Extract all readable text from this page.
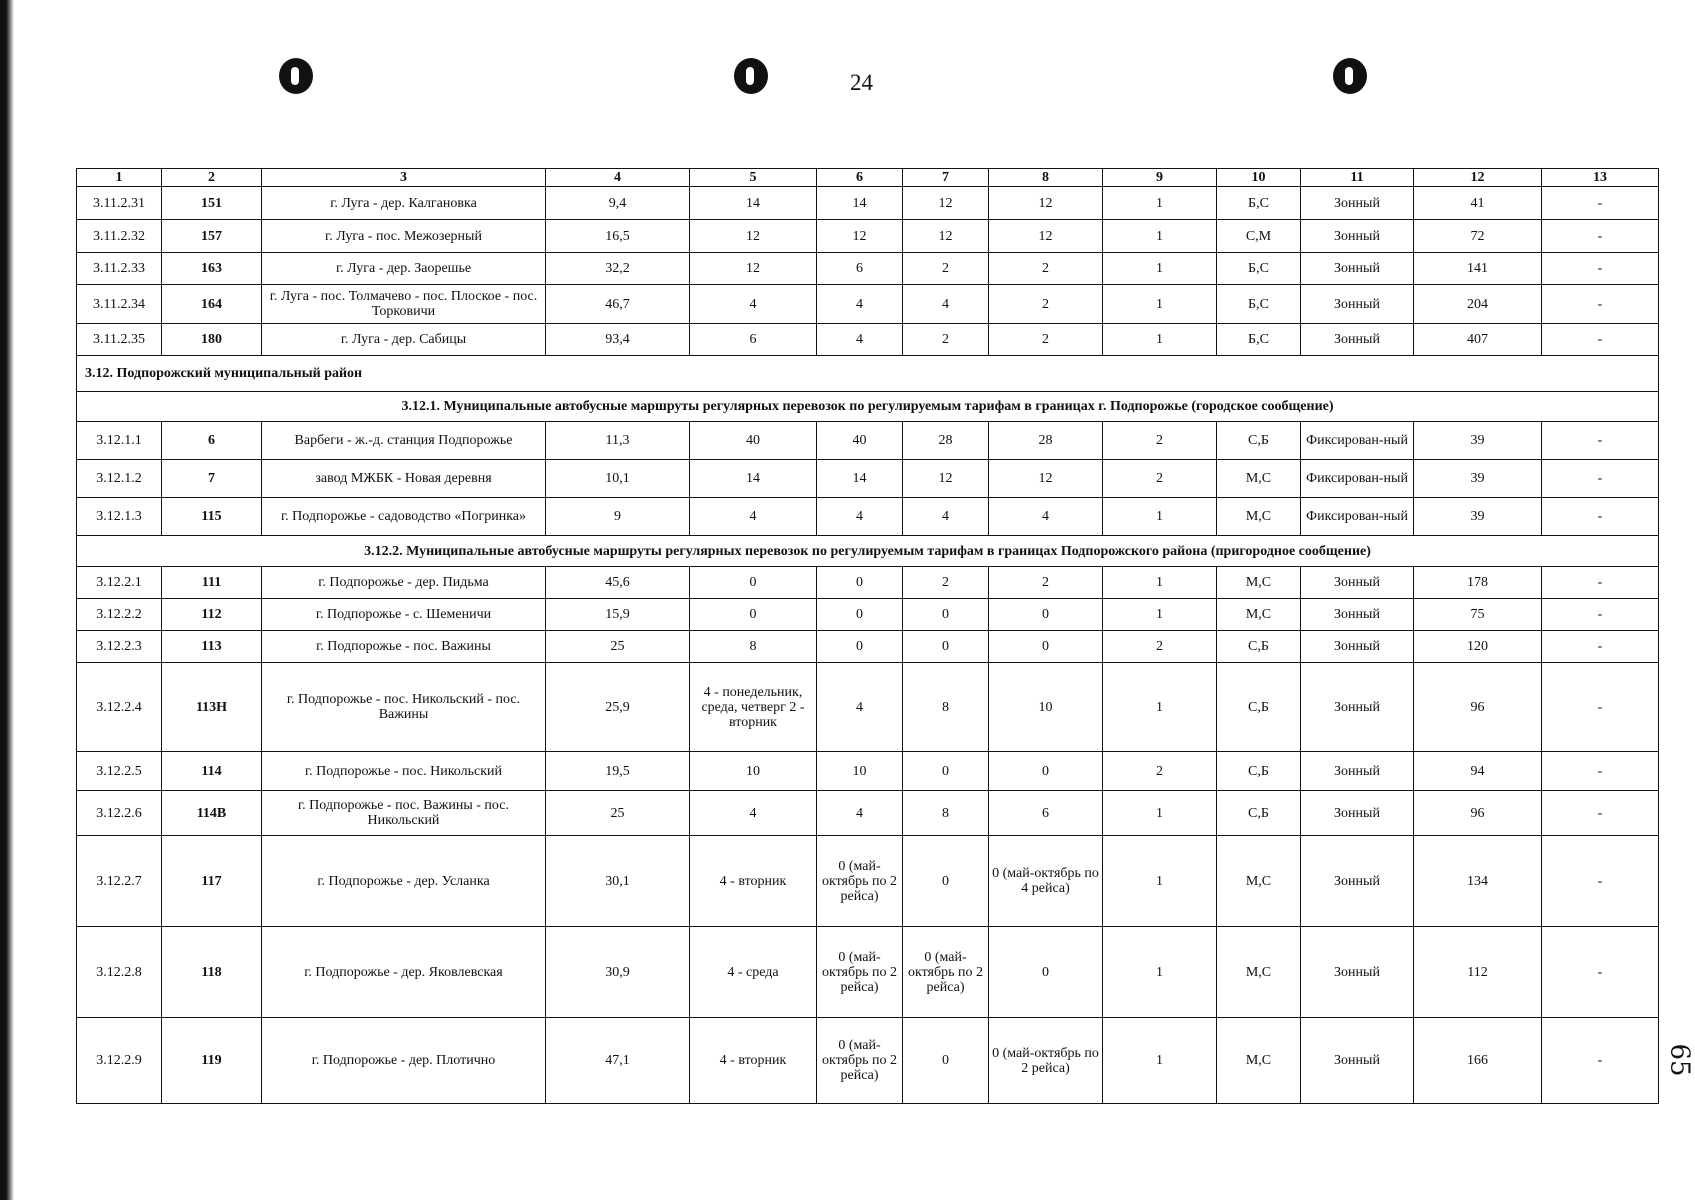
24
65
1	2	3	4	5	6	7	8	9	10	11	12	13
3.11.2.31	151	г. Луга - дер. Калгановка	9,4	14	14	12	12	1	Б,С	Зонный	41	-
3.11.2.32	157	г. Луга - пос. Межозерный	16,5	12	12	12	12	1	С,М	Зонный	72	-
3.11.2.33	163	г. Луга - дер. Заорешье	32,2	12	6	2	2	1	Б,С	Зонный	141	-
3.11.2.34	164	г. Луга - пос. Толмачево - пос. Плоское - пос. Торковичи	46,7	4	4	4	2	1	Б,С	Зонный	204	-
3.11.2.35	180	г. Луга - дер. Сабицы	93,4	6	4	2	2	1	Б,С	Зонный	407	-
3.12. Подпорожский муниципальный район												
3.12.1. Муниципальные автобусные маршруты регулярных перевозок по регулируемым тарифам в границах г. Подпорожье (городское сообщение)												
3.12.1.1	6	Варбеги - ж.-д. станция Подпорожье	11,3	40	40	28	28	2	С,Б	Фиксирован-ный	39	-
3.12.1.2	7	завод МЖБК - Новая деревня	10,1	14	14	12	12	2	М,С	Фиксирован-ный	39	-
3.12.1.3	115	г. Подпорожье - садоводство «Погринка»	9	4	4	4	4	1	М,С	Фиксирован-ный	39	-
3.12.2. Муниципальные автобусные маршруты регулярных перевозок по регулируемым тарифам в границах Подпорожского района (пригородное сообщение)												
3.12.2.1	111	г. Подпорожье - дер. Пидьма	45,6	0	0	2	2	1	М,С	Зонный	178	-
3.12.2.2	112	г. Подпорожье - с. Шеменичи	15,9	0	0	0	0	1	М,С	Зонный	75	-
3.12.2.3	113	г. Подпорожье - пос. Важины	25	8	0	0	0	2	С,Б	Зонный	120	-
3.12.2.4	113Н	г. Подпорожье - пос. Никольский - пос. Важины	25,9	4 - понедельник, среда, четверг 2 - вторник	4	8	10	1	С,Б	Зонный	96	-
3.12.2.5	114	г. Подпорожье - пос. Никольский	19,5	10	10	0	0	2	С,Б	Зонный	94	-
3.12.2.6	114В	г. Подпорожье - пос. Важины - пос. Никольский	25	4	4	8	6	1	С,Б	Зонный	96	-
3.12.2.7	117	г. Подпорожье - дер. Усланка	30,1	4 - вторник	0 (май-октябрь по 2 рейса)	0	0 (май-октябрь по 4 рейса)	1	М,С	Зонный	134	-
3.12.2.8	118	г. Подпорожье - дер. Яковлевская	30,9	4 - среда	0 (май-октябрь по 2 рейса)	0 (май-октябрь по 2 рейса)	0	1	М,С	Зонный	112	-
3.12.2.9	119	г. Подпорожье - дер. Плотично	47,1	4 - вторник	0 (май-октябрь по 2 рейса)	0	0 (май-октябрь по 2 рейса)	1	М,С	Зонный	166	-
